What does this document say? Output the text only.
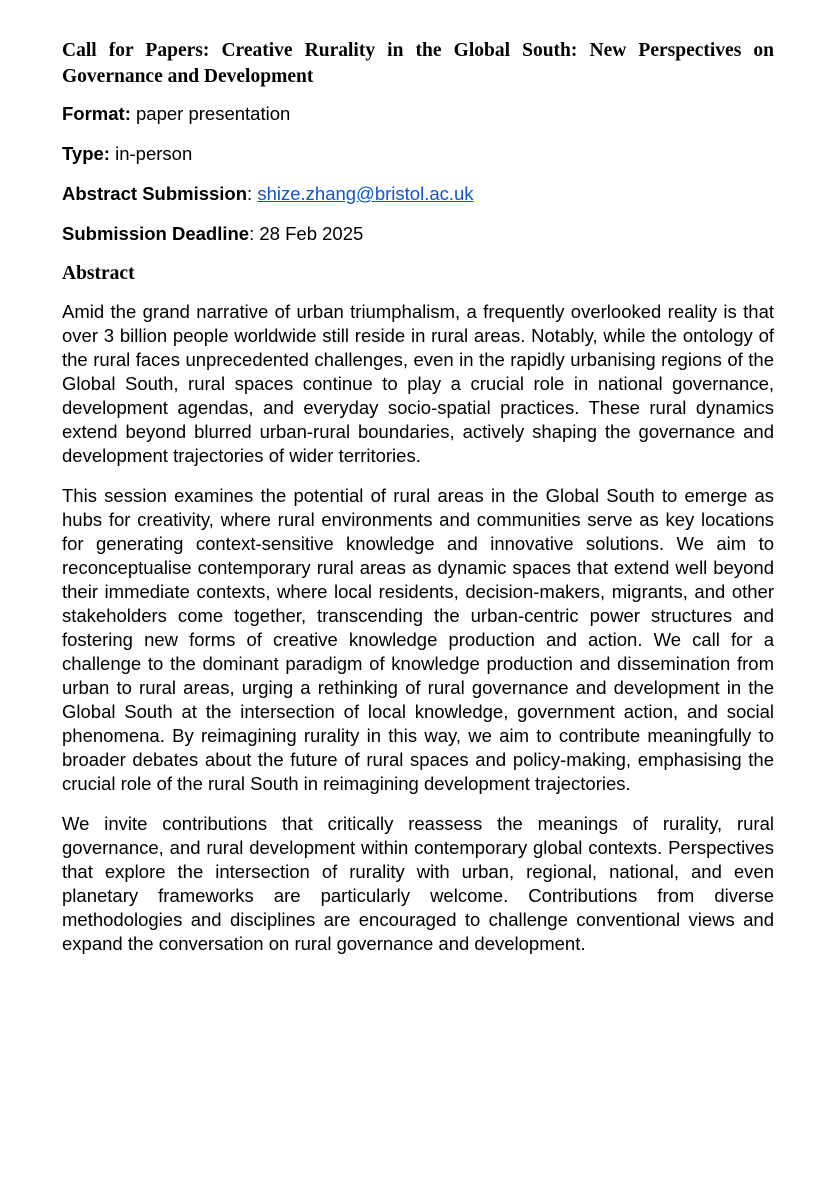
Call for Papers: Creative Rurality in the Global South: New Perspectives on Governance and Development
Format: paper presentation
Type: in-person
Abstract Submission: shize.zhang@bristol.ac.uk
Submission Deadline: 28 Feb 2025
Abstract

Amid the grand narrative of urban triumphalism, a frequently overlooked reality is that over 3 billion people worldwide still reside in rural areas. Notably, while the ontology of the rural faces unprecedented challenges, even in the rapidly urbanising regions of the Global South, rural spaces continue to play a crucial role in national governance, development agendas, and everyday socio-spatial practices. These rural dynamics extend beyond blurred urban-rural boundaries, actively shaping the governance and development trajectories of wider territories.

This session examines the potential of rural areas in the Global South to emerge as hubs for creativity, where rural environments and communities serve as key locations for generating context-sensitive knowledge and innovative solutions. We aim to reconceptualise contemporary rural areas as dynamic spaces that extend well beyond their immediate contexts, where local residents, decision-makers, migrants, and other stakeholders come together, transcending the urban-centric power structures and fostering new forms of creative knowledge production and action. We call for a challenge to the dominant paradigm of knowledge production and dissemination from urban to rural areas, urging a rethinking of rural governance and development in the Global South at the intersection of local knowledge, government action, and social phenomena. By reimagining rurality in this way, we aim to contribute meaningfully to broader debates about the future of rural spaces and policy-making, emphasising the crucial role of the rural South in reimagining development trajectories.

We invite contributions that critically reassess the meanings of rurality, rural governance, and rural development within contemporary global contexts. Perspectives that explore the intersection of rurality with urban, regional, national, and even planetary frameworks are particularly welcome. Contributions from diverse methodologies and disciplines are encouraged to challenge conventional views and expand the conversation on rural governance and development.
